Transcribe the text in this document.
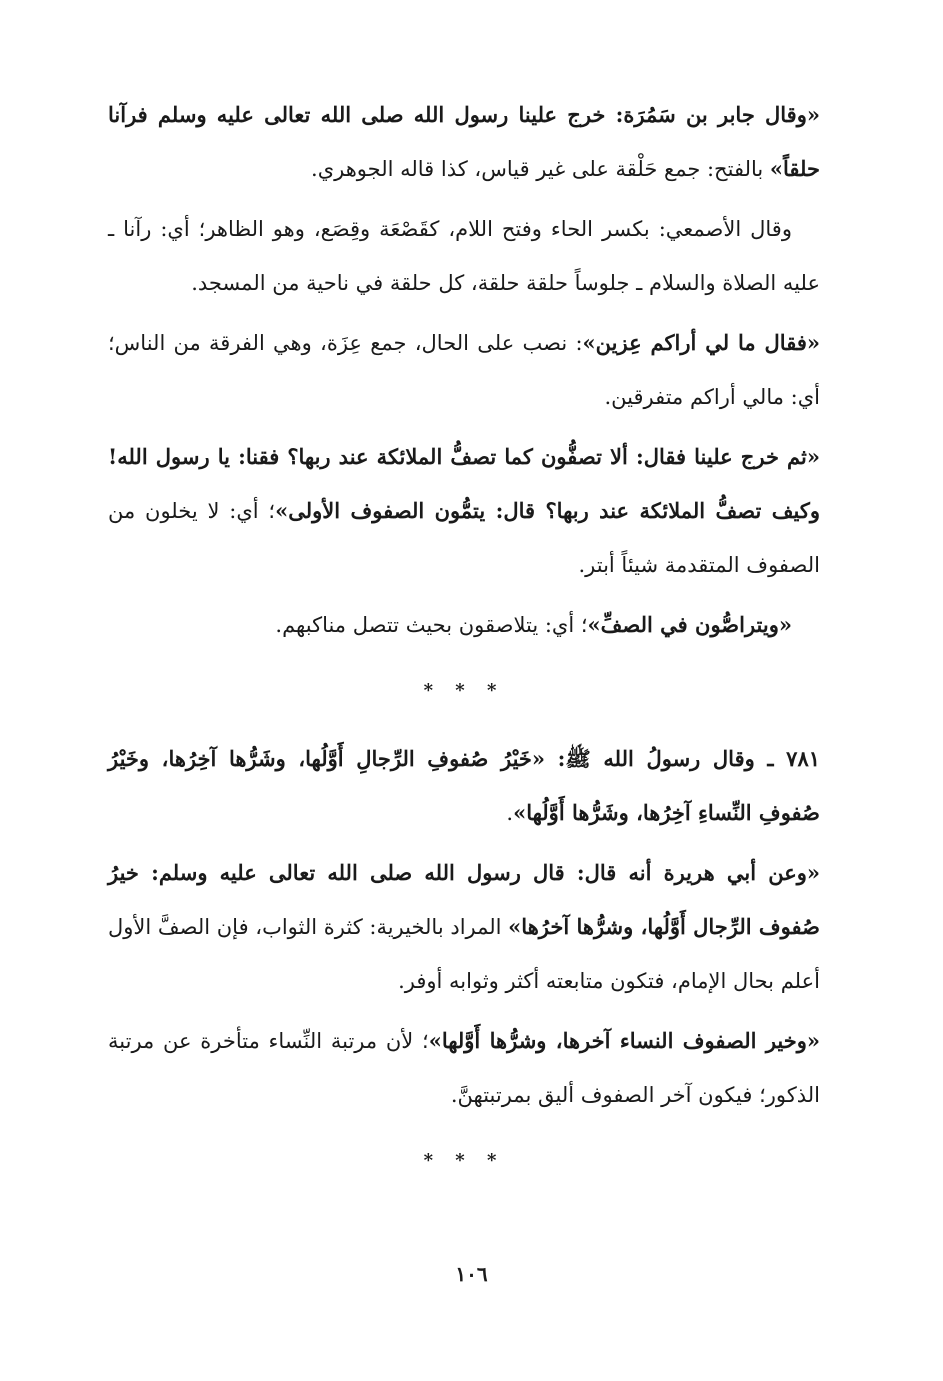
«وقال جابر بن سَمُرَة: خرج علينا رسول الله صلى الله تعالى عليه وسلم فرآنا حلقاً» بالفتح: جمع حَلْقة على غير قياس، كذا قاله الجوهري.

وقال الأصمعي: بكسر الحاء وفتح اللام، كقَصْعَة وقِصَع، وهو الظاهر؛ أي: رآنا ـ عليه الصلاة والسلام ـ جلوساً حلقة حلقة، كل حلقة في ناحية من المسجد.

«فقال ما لي أراكم عِزين»: نصب على الحال، جمع عِزَة، وهي الفرقة من الناس؛ أي: مالي أراكم متفرقين.

«ثم خرج علينا فقال: ألا تصفُّون كما تصفُّ الملائكة عند ربها؟ فقنا: يا رسول الله! وكيف تصفُّ الملائكة عند ربها؟ قال: يتمُّون الصفوف الأولى»؛ أي: لا يخلون من الصفوف المتقدمة شيئاً أبتر.

«ويتراصُّون في الصفِّ»؛ أي: يتلاصقون بحيث تتصل مناكبهم.

* * *

٧٨١ ـ وقال رسولُ الله ﷺ: «خَيْرُ صُفوفِ الرِّجالِ أَوَّلُها، وشَرُّها آخِرُها، وخَيْرُ صُفوفِ النِّساءِ آخِرُها، وشَرُّها أَوَّلُها».

«وعن أبي هريرة أنه قال: قال رسول الله صلى الله تعالى عليه وسلم: خيرُ صُفوف الرِّجال أَوَّلُها، وشرُّها آخرُها» المراد بالخيرية: كثرة الثواب، فإن الصفَّ الأول أعلم بحال الإمام، فتكون متابعته أكثر وثوابه أوفر.

«وخير الصفوف النساء آخرها، وشرُّها أَوَّلها»؛ لأن مرتبة النِّساء متأخرة عن مرتبة الذكور؛ فيكون آخر الصفوف أليق بمرتبتهنَّ.

* * *
١٠٦
